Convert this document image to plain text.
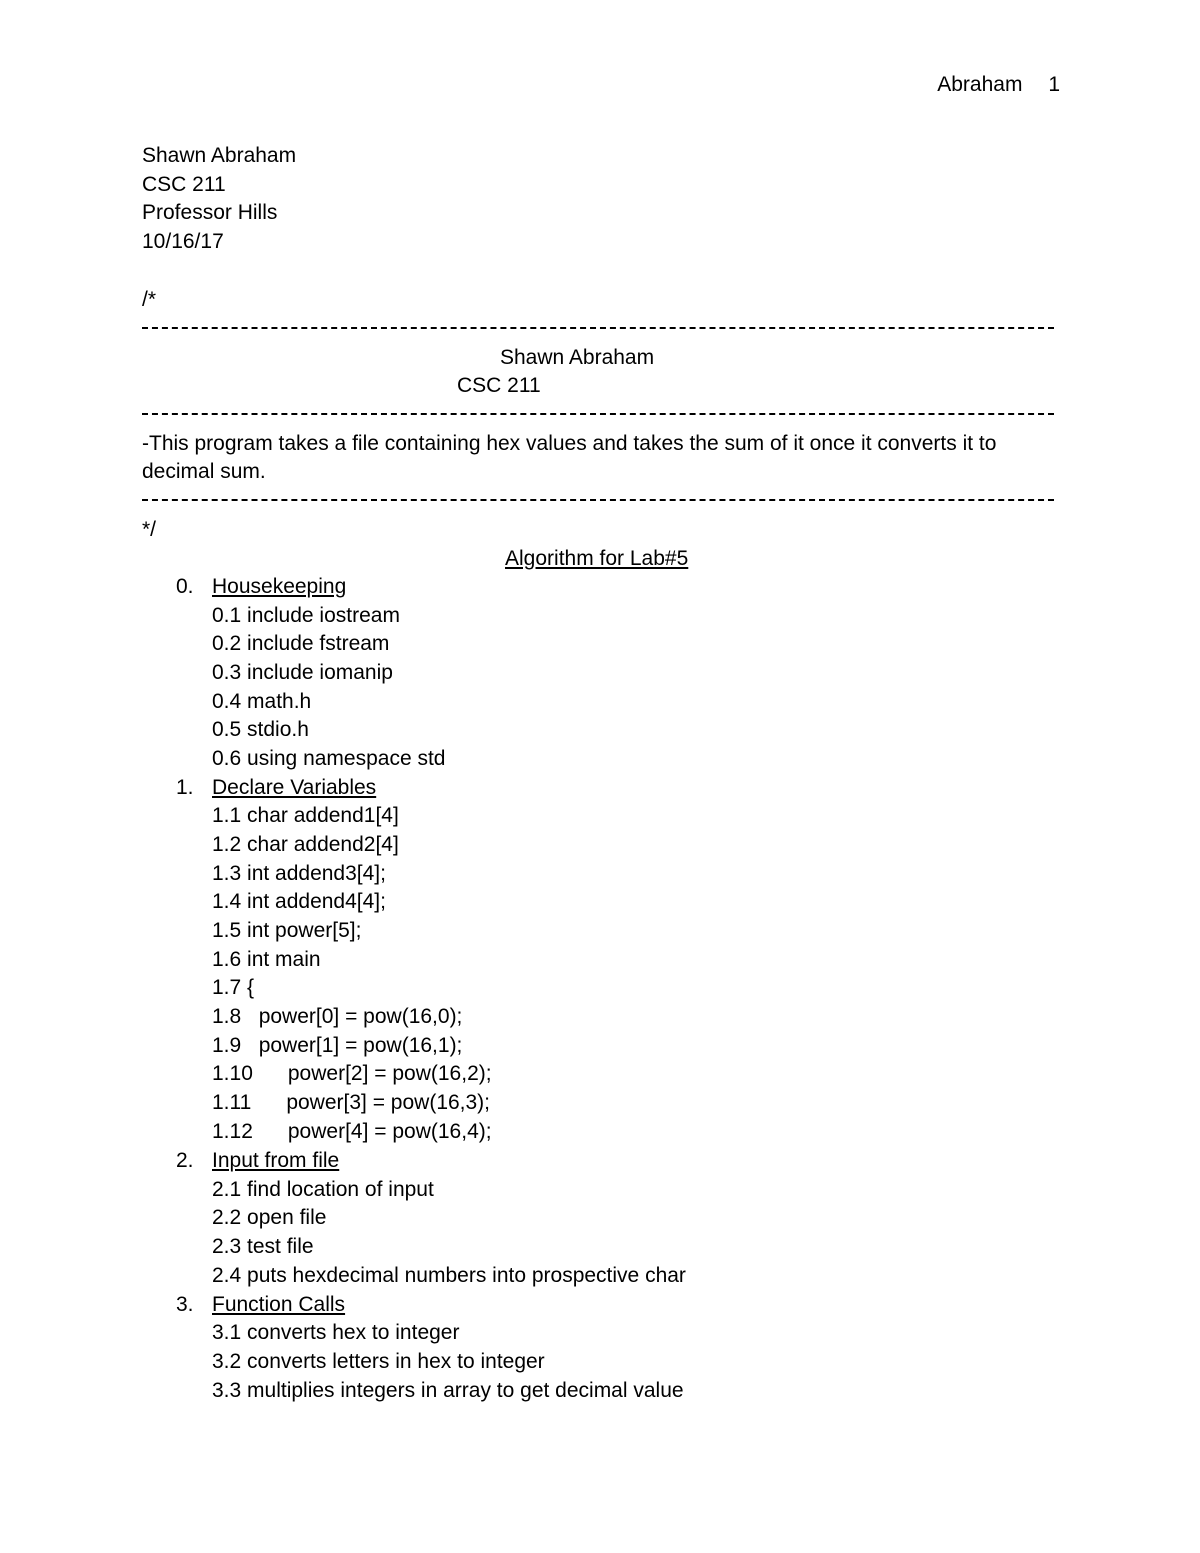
Abraham 1
Shawn Abraham
CSC 211
Professor Hills
10/16/17
/*
Shawn Abraham
CSC 211
-This program takes a file containing hex values and takes the sum of it once it converts it to
decimal sum.
*/
Algorithm for Lab#5
0. Housekeeping
0.1 include iostream
0.2 include fstream
0.3 include iomanip
0.4 math.h
0.5 stdio.h
0.6 using namespace std
1. Declare Variables
1.1 char addend1[4]
1.2 char addend2[4]
1.3 int addend3[4];
1.4 int addend4[4];
1.5 int power[5];
1.6 int main
1.7 {
1.8   power[0] = pow(16,0);
1.9   power[1] = pow(16,1);
1.10      power[2] = pow(16,2);
1.11      power[3] = pow(16,3);
1.12      power[4] = pow(16,4);
2. Input from file
2.1 find location of input
2.2 open file
2.3 test file
2.4 puts hexdecimal numbers into prospective char
3. Function Calls
3.1 converts hex to integer
3.2 converts letters in hex to integer
3.3 multiplies integers in array to get decimal value
